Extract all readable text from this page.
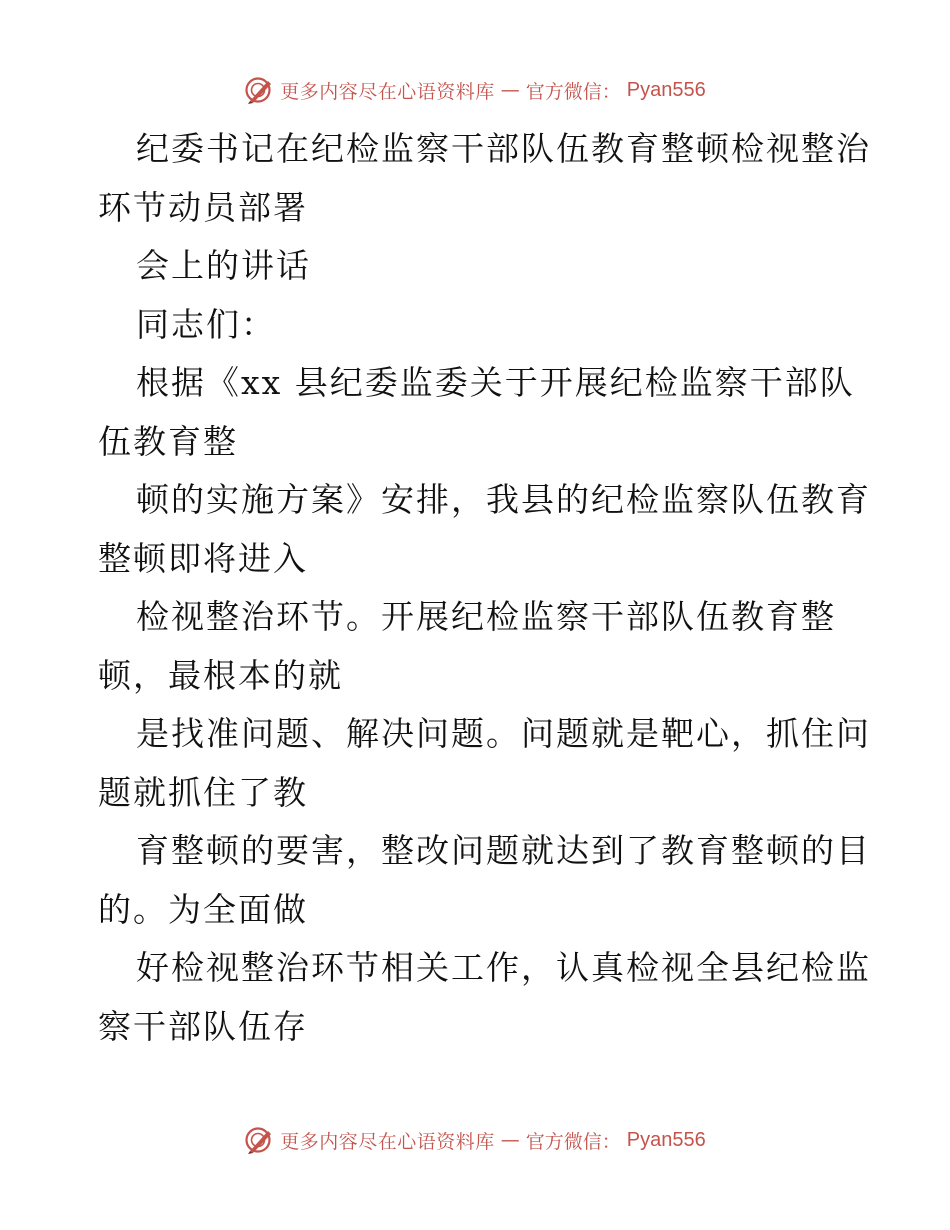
更多内容尽在心语资料库 — 官方微信： Pyan556
纪委书记在纪检监察干部队伍教育整顿检视整治
环节动员部署
会上的讲话
同志们：
根据《xx 县纪委监委关于开展纪检监察干部队
伍教育整
顿的实施方案》安排，我县的纪检监察队伍教育
整顿即将进入
检视整治环节。开展纪检监察干部队伍教育整
顿，最根本的就
是找准问题、解决问题。问题就是靶心，抓住问
题就抓住了教
育整顿的要害，整改问题就达到了教育整顿的目
的。为全面做
好检视整治环节相关工作，认真检视全县纪检监
察干部队伍存
更多内容尽在心语资料库 — 官方微信： Pyan556
